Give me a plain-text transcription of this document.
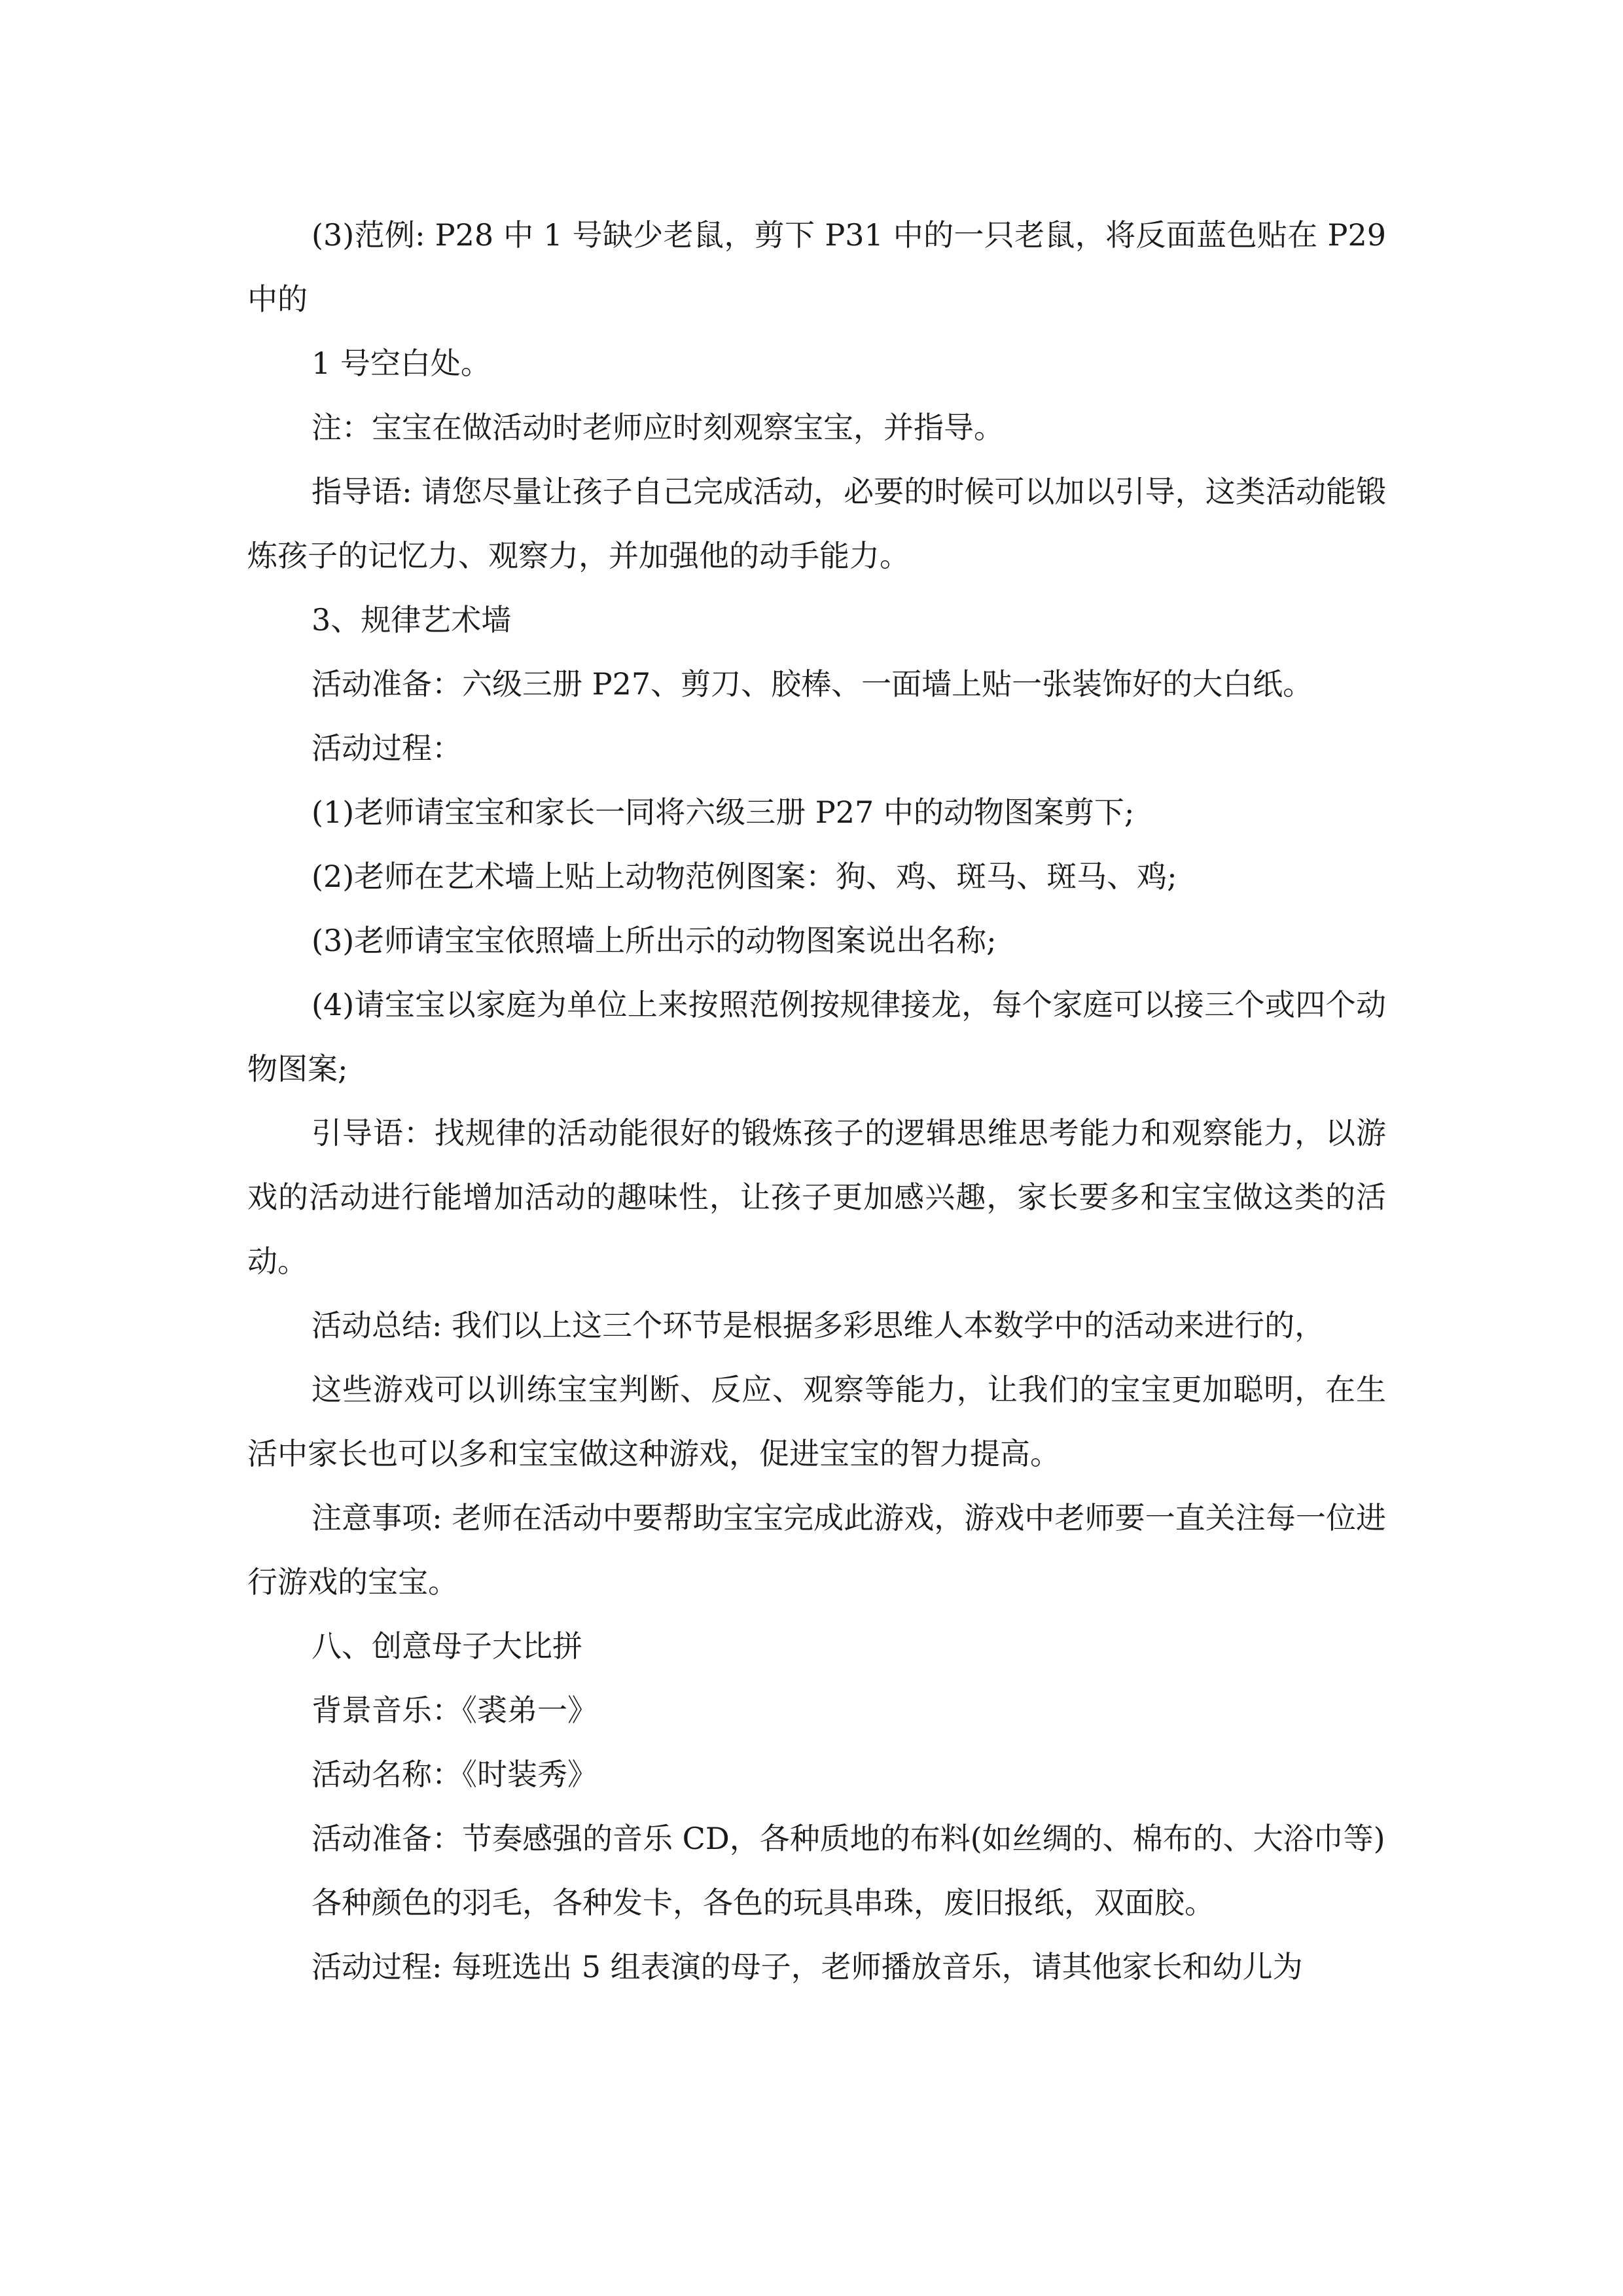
(3)范例: P28 中 1 号缺少老鼠，剪下 P31 中的一只老鼠，将反面蓝色贴在 P29 中的

1 号空白处。

注：宝宝在做活动时老师应时刻观察宝宝，并指导。

指导语: 请您尽量让孩子自己完成活动，必要的时候可以加以引导，这类活动能锻炼孩子的记忆力、观察力，并加强他的动手能力。

3、规律艺术墙

活动准备：六级三册 P27、剪刀、胶棒、一面墙上贴一张装饰好的大白纸。

活动过程：

(1)老师请宝宝和家长一同将六级三册 P27 中的动物图案剪下;

(2)老师在艺术墙上贴上动物范例图案：狗、鸡、斑马、斑马、鸡;

(3)老师请宝宝依照墙上所出示的动物图案说出名称;

(4)请宝宝以家庭为单位上来按照范例按规律接龙，每个家庭可以接三个或四个动物图案;

引导语：找规律的活动能很好的锻炼孩子的逻辑思维思考能力和观察能力，以游戏的活动进行能增加活动的趣味性，让孩子更加感兴趣，家长要多和宝宝做这类的活动。

活动总结: 我们以上这三个环节是根据多彩思维人本数学中的活动来进行的，

这些游戏可以训练宝宝判断、反应、观察等能力，让我们的宝宝更加聪明，在生活中家长也可以多和宝宝做这种游戏，促进宝宝的智力提高。

注意事项: 老师在活动中要帮助宝宝完成此游戏，游戏中老师要一直关注每一位进行游戏的宝宝。

八、创意母子大比拼

背景音乐：《裘弟一》

活动名称：《时装秀》

活动准备：节奏感强的音乐 CD，各种质地的布料(如丝绸的、棉布的、大浴巾等)

各种颜色的羽毛，各种发卡，各色的玩具串珠，废旧报纸，双面胶。

活动过程: 每班选出 5 组表演的母子，老师播放音乐，请其他家长和幼儿为
